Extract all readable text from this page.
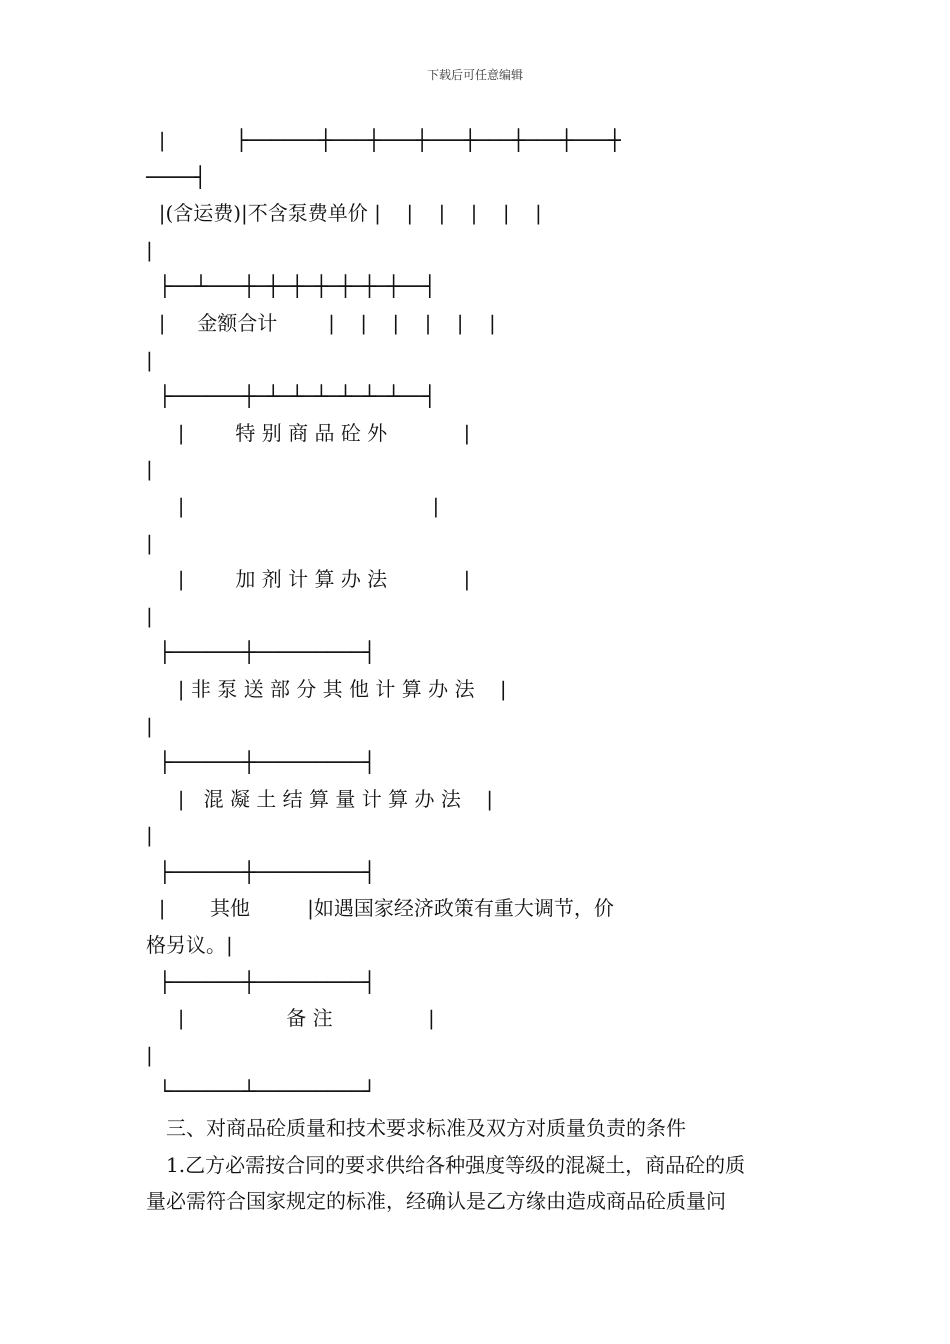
下载后可任意编辑
|           ├──────┼───┼───┼───┼───┼───┼───┼
────┤
|(含运费)|不含泵费单价 |    |    |    |    |    |
|
├──┴───┼─┼─┼─┼─┼─┼─┼──┤
|     金额合计        |    |    |    |    |    |
|
├──────┼─┴─┴─┴─┴─┴─┴──┤
|        特 别 商 品 砼 外            |
|
|                                       |
|
|        加 剂 计 算 办 法            |
|
├──────┼─────────┤
| 非 泵 送 部 分 其 他 计 算 办 法    |
|
├──────┼─────────┤
|   混 凝 土 结 算 量 计 算 办 法    |
|
├──────┼─────────┤
|       其他         |如遇国家经济政策有重大调节，价
格另议。|
├──────┼─────────┤
|                备 注               |
|
└──────┴─────────┘
三、对商品砼质量和技术要求标准及双方对质量负责的条件
1.乙方必需按合同的要求供给各种强度等级的混凝土，商品砼的质
量必需符合国家规定的标准，经确认是乙方缘由造成商品砼质量问
